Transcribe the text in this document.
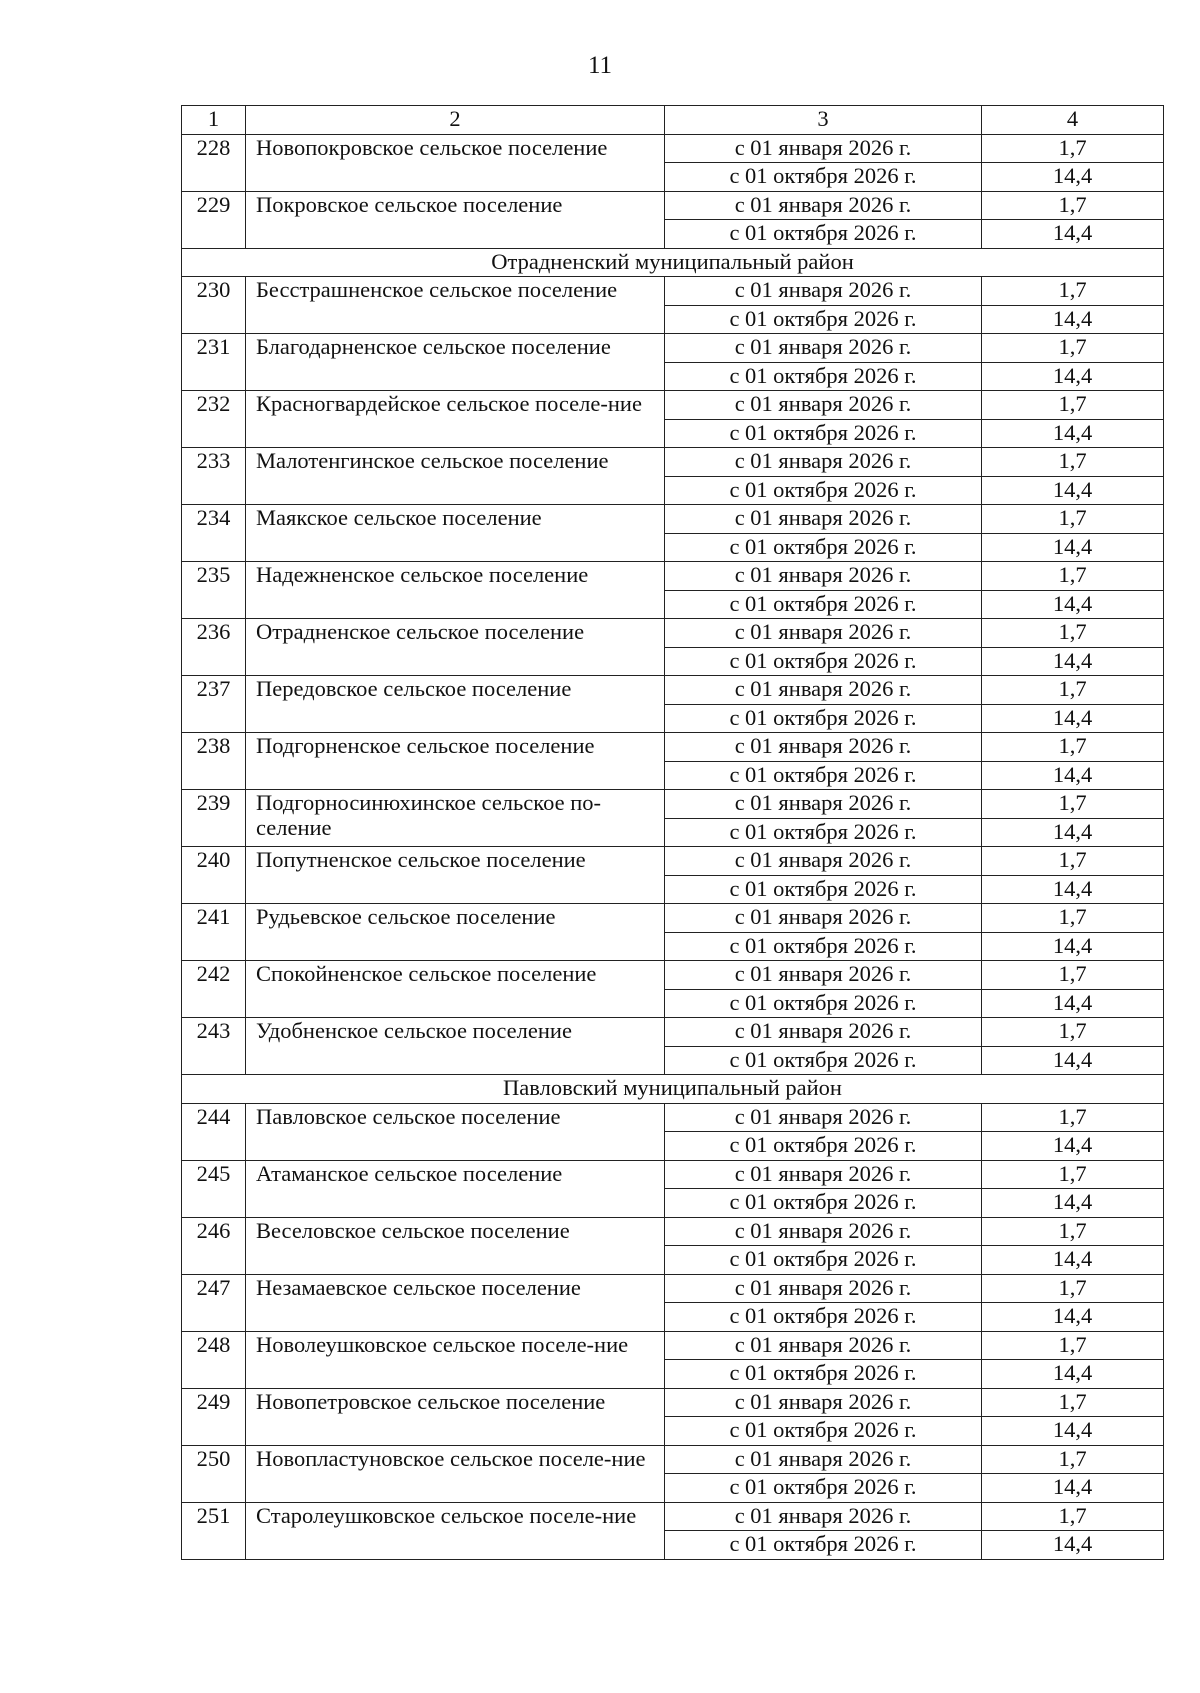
11
1	2	3	4
228	Новопокровское сельское поселение	с 01 января 2026 г.	1,7
		с 01 октября 2026 г.	14,4
229	Покровское сельское поселение	с 01 января 2026 г.	1,7
		с 01 октября 2026 г.	14,4
Отрадненский муниципальный район			
230	Бесстрашненское сельское поселение	с 01 января 2026 г.	1,7
		с 01 октября 2026 г.	14,4
231	Благодарненское сельское поселение	с 01 января 2026 г.	1,7
		с 01 октября 2026 г.	14,4
232	Красногвардейское сельское поселе-ние	с 01 января 2026 г.	1,7
		с 01 октября 2026 г.	14,4
233	Малотенгинское сельское поселение	с 01 января 2026 г.	1,7
		с 01 октября 2026 г.	14,4
234	Маякское сельское поселение	с 01 января 2026 г.	1,7
		с 01 октября 2026 г.	14,4
235	Надежненское сельское поселение	с 01 января 2026 г.	1,7
		с 01 октября 2026 г.	14,4
236	Отрадненское сельское поселение	с 01 января 2026 г.	1,7
		с 01 октября 2026 г.	14,4
237	Передовское сельское поселение	с 01 января 2026 г.	1,7
		с 01 октября 2026 г.	14,4
238	Подгорненское сельское поселение	с 01 января 2026 г.	1,7
		с 01 октября 2026 г.	14,4
239	Подгорносинюхинское сельское по-селение	с 01 января 2026 г.	1,7
		с 01 октября 2026 г.	14,4
240	Попутненское сельское поселение	с 01 января 2026 г.	1,7
		с 01 октября 2026 г.	14,4
241	Рудьевское сельское поселение	с 01 января 2026 г.	1,7
		с 01 октября 2026 г.	14,4
242	Спокойненское сельское поселение	с 01 января 2026 г.	1,7
		с 01 октября 2026 г.	14,4
243	Удобненское сельское поселение	с 01 января 2026 г.	1,7
		с 01 октября 2026 г.	14,4
Павловский муниципальный район			
244	Павловское сельское поселение	с 01 января 2026 г.	1,7
		с 01 октября 2026 г.	14,4
245	Атаманское сельское поселение	с 01 января 2026 г.	1,7
		с 01 октября 2026 г.	14,4
246	Веселовское сельское поселение	с 01 января 2026 г.	1,7
		с 01 октября 2026 г.	14,4
247	Незамаевское сельское поселение	с 01 января 2026 г.	1,7
		с 01 октября 2026 г.	14,4
248	Новолеушковское сельское поселе-ние	с 01 января 2026 г.	1,7
		с 01 октября 2026 г.	14,4
249	Новопетровское сельское поселение	с 01 января 2026 г.	1,7
		с 01 октября 2026 г.	14,4
250	Новопластуновское сельское поселе-ние	с 01 января 2026 г.	1,7
		с 01 октября 2026 г.	14,4
251	Старолеушковское сельское поселе-ние	с 01 января 2026 г.	1,7
		с 01 октября 2026 г.	14,4
